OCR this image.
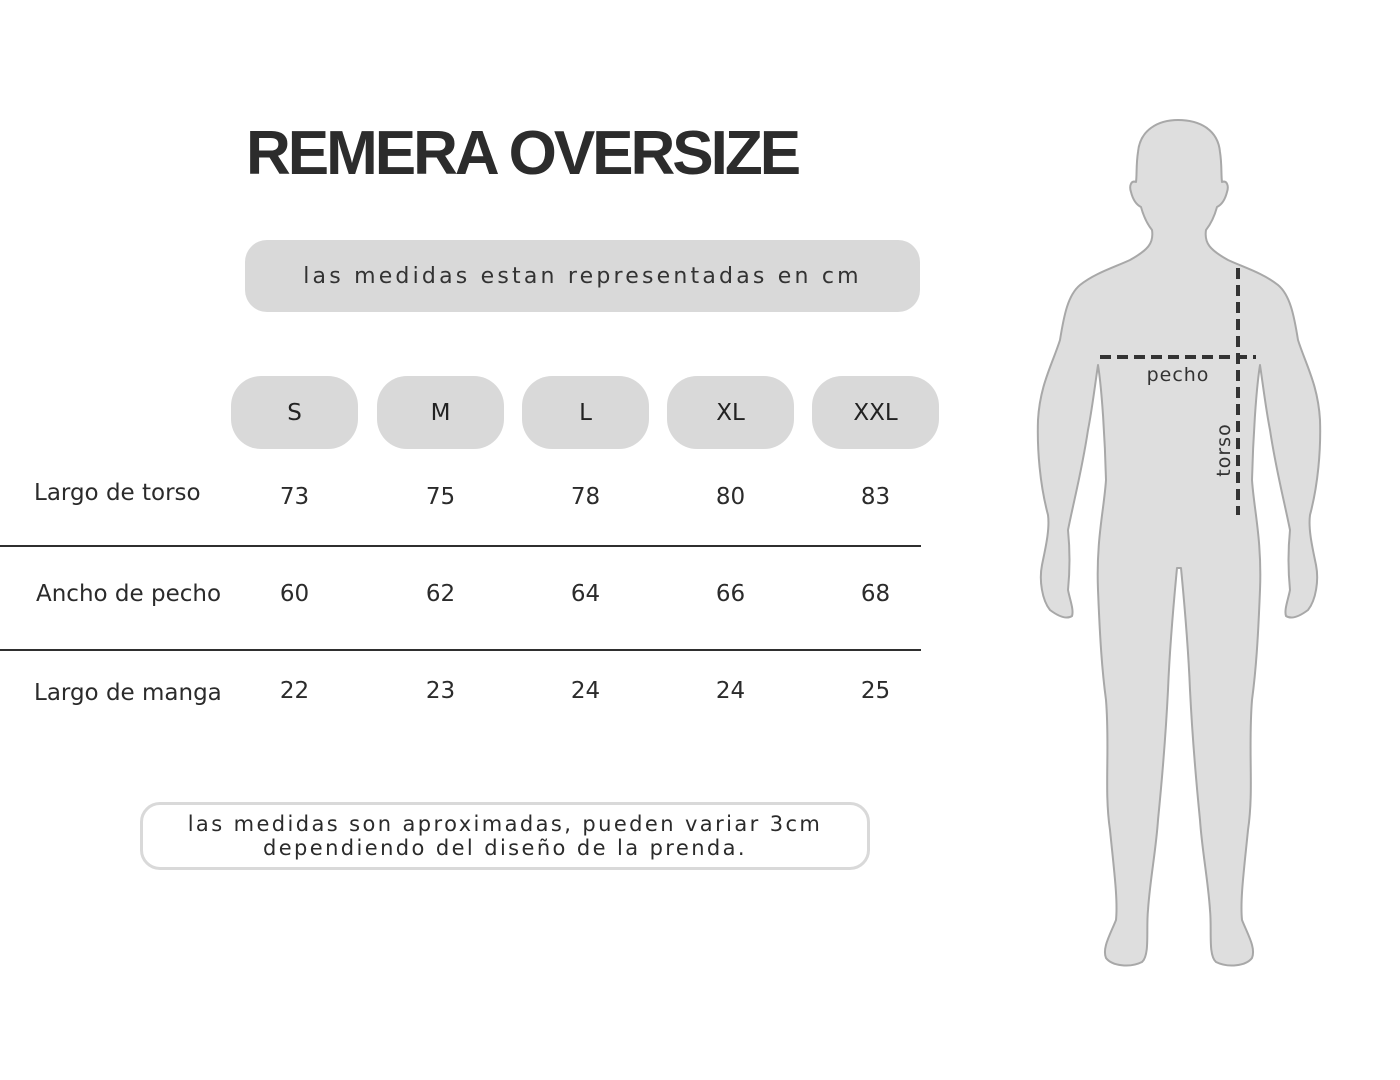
REMERA OVERSIZE
las medidas estan representadas en cm
S	M	L	XL	XXL
Largo de torso	73	75	78	80	83
Ancho de pecho	60	62	64	66	68
Largo de manga	22	23	24	24	25
las medidas son aproximadas, pueden variar 3cm
dependiendo del diseño de la prenda.
pecho
torso
